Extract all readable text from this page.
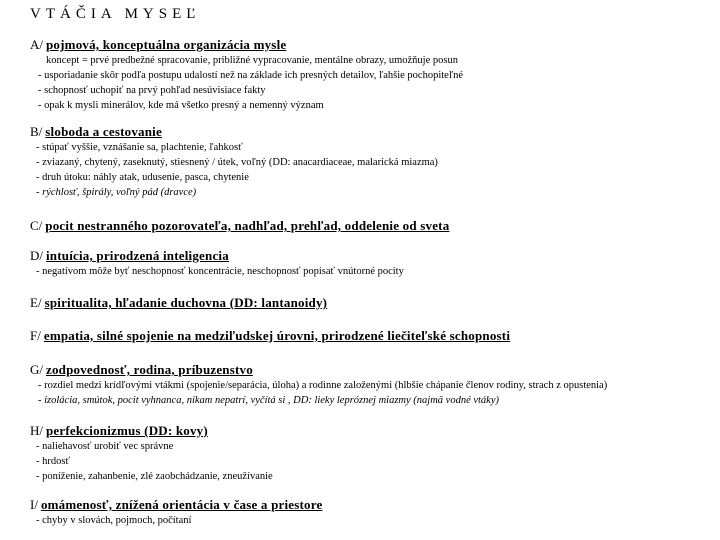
VTÁČIA MYSEĽ
A/ pojmová, konceptuálna organizácia mysle
koncept = prvé predbežné spracovanie, približné vypracovanie, mentálne obrazy, umožňuje posun
- usporiadanie skôr podľa postupu udalostí než na základe ich presných detailov, ľahšie pochopiteľné
- schopnosť uchopiť na prvý pohľad nesúvisiace fakty
- opak k mysli minerálov, kde má všetko presný a nemenný význam
B/ sloboda a cestovanie
- stúpať vyššie, vznášanie sa, plachtenie, ľahkosť
- zviazaný, chytený, zaseknutý, stiesnený / útek, voľný (DD: anacardiaceae, malarická miazma)
- druh útoku: náhly atak, udusenie, pasca, chytenie
- rýchlosť, špirály, voľný pád (dravce)
C/ pocit nestranného pozorovateľa, nadhľad, prehľad, oddelenie od sveta
D/ intuícia, prirodzená inteligencia
- negatívom môže byť neschopnosť koncentrácie, neschopnosť popísať vnútorné pocity
E/ spiritualita, hľadanie duchovna (DD: lantanoidy)
F/ empatia, silné spojenie na medziľudskej úrovni, prirodzené liečiteľské schopnosti
G/ zodpovednosť, rodina, príbuzenstvo
- rozdiel medzi krídľovými vtákmi (spojenie/separácia, úloha) a rodinne založenými (hlbšie chápanie členov rodiny, strach z opustenia)
- izolácia, smútok, pocit vyhnanca, nikam nepatrí, vyčítá si , DD: lieky lepróznej miazmy (najmä vodné vtáky)
H/ perfekcionizmus (DD: kovy)
- naliehavosť urobiť vec správne
- hrdosť
- poníženie, zahanbenie, zlé zaobchádzanie, zneužívanie
I/ omámenosť, znížená orientácia v čase a priestore
- chyby v slovách, pojmoch, počítaní
